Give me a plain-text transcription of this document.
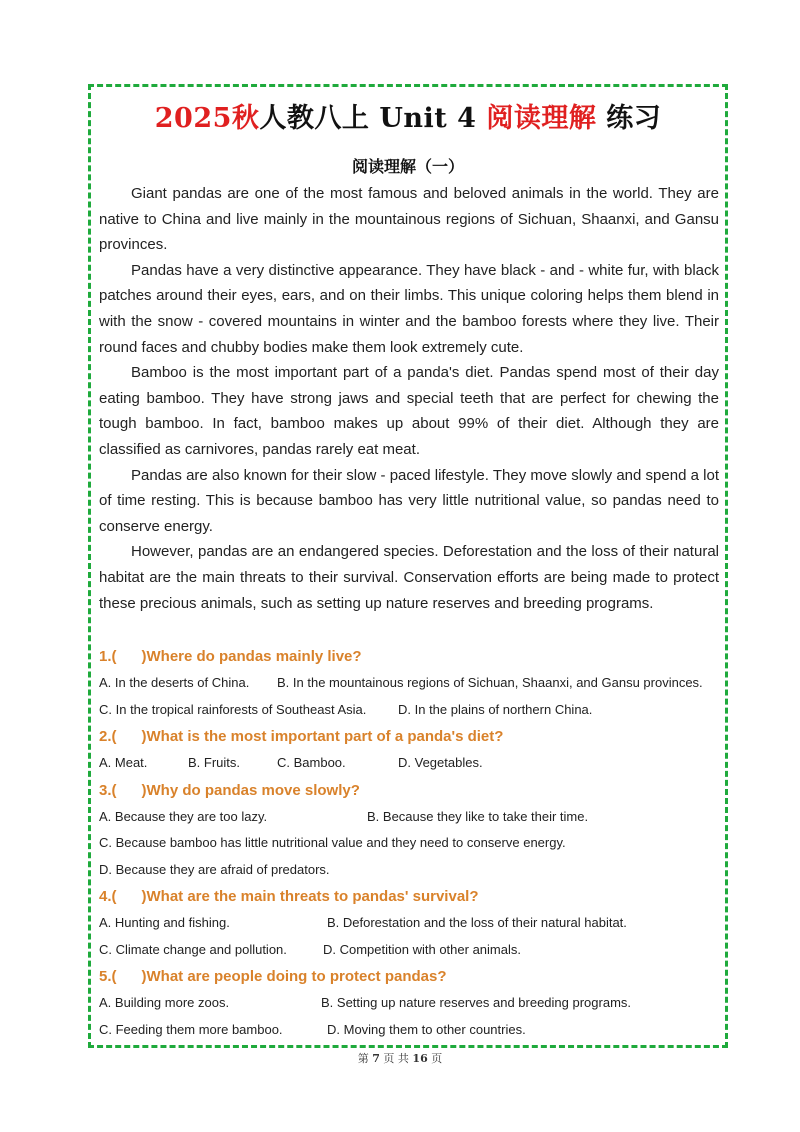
2025秋人教八上 Unit 4 阅读理解 练习
阅读理解（一）

Giant pandas are one of the most famous and beloved animals in the world. They are native to China and live mainly in the mountainous regions of Sichuan, Shaanxi, and Gansu provinces.

Pandas have a very distinctive appearance. They have black - and - white fur, with black patches around their eyes, ears, and on their limbs. This unique coloring helps them blend in with the snow - covered mountains in winter and the bamboo forests where they live. Their round faces and chubby bodies make them look extremely cute.

Bamboo is the most important part of a panda's diet. Pandas spend most of their day eating bamboo. They have strong jaws and special teeth that are perfect for chewing the tough bamboo. In fact, bamboo makes up about 99% of their diet. Although they are classified as carnivores, pandas rarely eat meat.

Pandas are also known for their slow - paced lifestyle. They move slowly and spend a lot of time resting. This is because bamboo has very little nutritional value, so pandas need to conserve energy.

However, pandas are an endangered species. Deforestation and the loss of their natural habitat are the main threats to their survival. Conservation efforts are being made to protect these precious animals, such as setting up nature reserves and breeding programs.

1.(      )Where do pandas mainly live?
A. In the deserts of China. B. In the mountainous regions of Sichuan, Shaanxi, and Gansu provinces.
C. In the tropical rainforests of Southeast Asia. D. In the plains of northern China.
2.(      )What is the most important part of a panda's diet?
A. Meat.	B. Fruits.	C. Bamboo.	D. Vegetables.
3.(      )Why do pandas move slowly?
A. Because they are too lazy.	B. Because they like to take their time.
C. Because bamboo has little nutritional value and they need to conserve energy.
D. Because they are afraid of predators.
4.(      )What are the main threats to pandas' survival?
A. Hunting and fishing.	B. Deforestation and the loss of their natural habitat.
C. Climate change and pollution.	D. Competition with other animals.
5.(      )What are people doing to protect pandas?
A. Building more zoos.	B. Setting up nature reserves and breeding programs.
C. Feeding them more bamboo.	D. Moving them to other countries.
第 7 页 共 16 页
